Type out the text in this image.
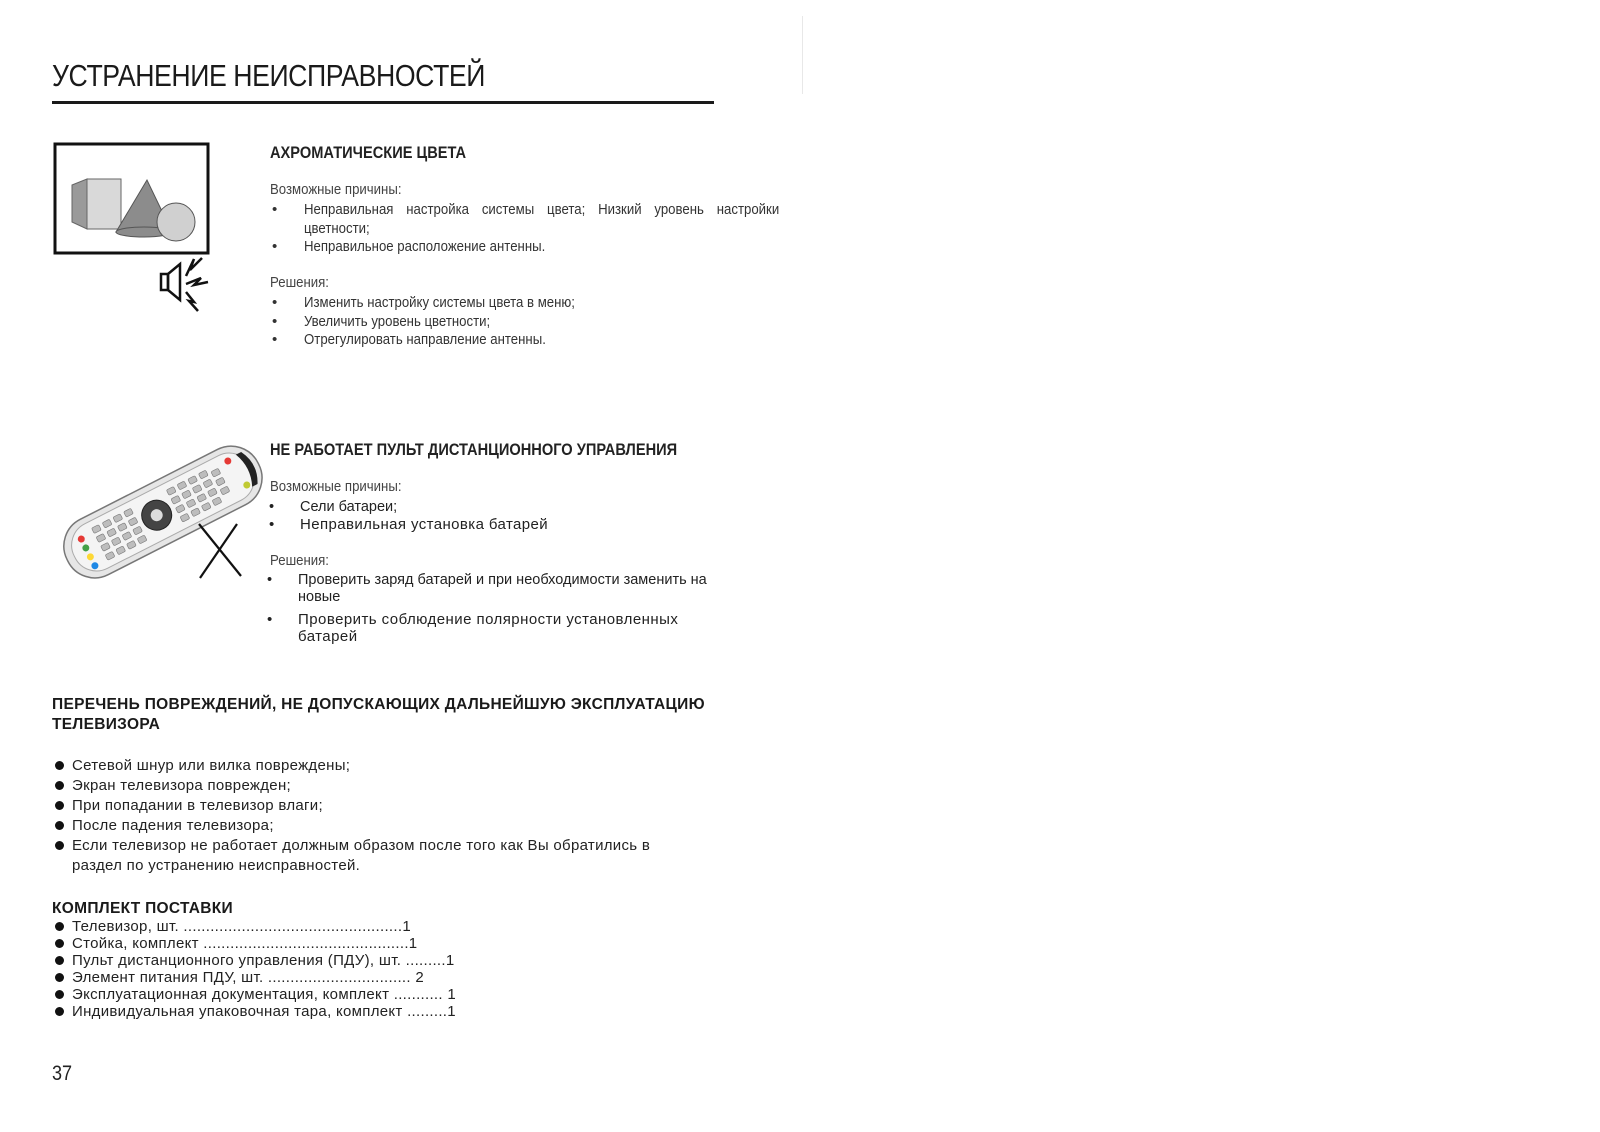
УСТРАНЕНИЕ НЕИСПРАВНОСТЕЙ
АХРОМАТИЧЕСКИЕ ЦВЕТА
Возможные причины:
• Неправильная настройка системы цвета; Низкий уровень настройки цветности;
• Неправильное расположение антенны.
Решения:
• Изменить настройку системы цвета в меню;
• Увеличить уровень цветности;
• Отрегулировать направление антенны.
НЕ РАБОТАЕТ ПУЛЬТ ДИСТАНЦИОННОГО УПРАВЛЕНИЯ
Возможные причины:
• Сели батареи;
• Неправильная установка батарей
Решения:
• Проверить заряд батарей и при необходимости заменить на новые
• Проверить соблюдение полярности установленных батарей
ПЕРЕЧЕНЬ ПОВРЕЖДЕНИЙ, НЕ ДОПУСКАЮЩИХ ДАЛЬНЕЙШУЮ ЭКСПЛУАТАЦИЮ
ТЕЛЕВИЗОРА
Сетевой шнур или вилка повреждены;
Экран телевизора поврежден;
При попадании в телевизор влаги;
После падения телевизора;
Если телевизор не работает должным образом после того как Вы обратились в раздел по устранению неисправностей.
КОМПЛЕКТ ПОСТАВКИ
Телевизор, шт. .................................................1
Стойка, комплект ..............................................1
Пульт дистанционного управления (ПДУ), шт. .........1
Элемент питания ПДУ, шт. ................................ 2
Эксплуатационная документация, комплект ........... 1
Индивидуальная упаковочная тара, комплект .........1
37
